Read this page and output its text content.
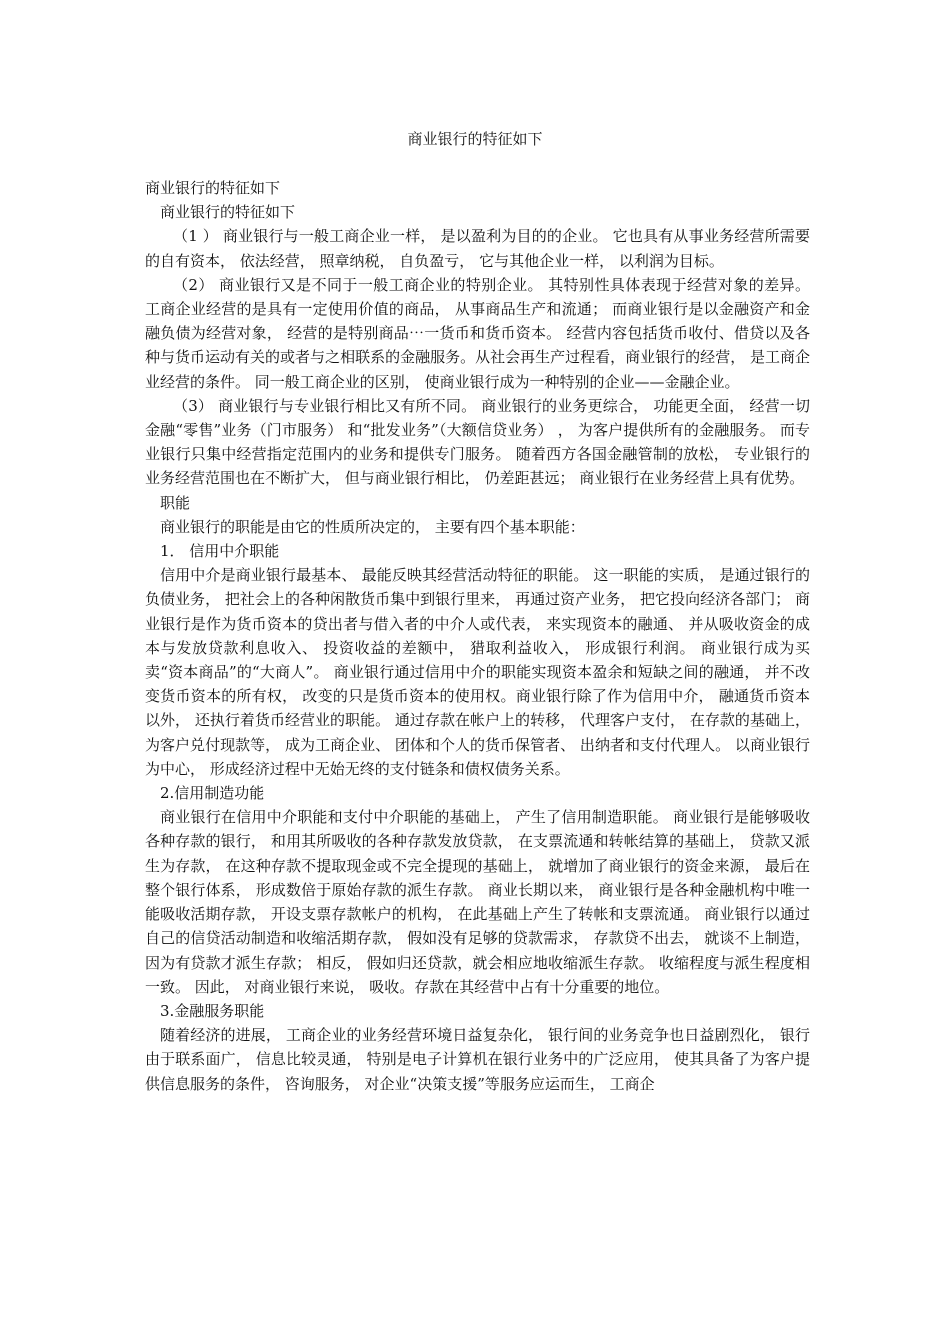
商业银行的特征如下

商业银行的特征如下

商业银行的特征如下

（1 ） 商业银行与一般工商企业一样， 是以盈利为目的的企业。 它也具有从事业务经营所需要的自有资本， 依法经营， 照章纳税， 自负盈亏， 它与其他企业一样， 以利润为目标。

（2） 商业银行又是不同于一般工商企业的特别企业。 其特别性具体表现于经营对象的差异。 工商企业经营的是具有一定使用价值的商品， 从事商品生产和流通； 而商业银行是以金融资产和金融负债为经营对象， 经营的是特别商品⋯一货币和货币资本。 经营内容包括货币收付、借贷以及各种与货币运动有关的或者与之相联系的金融服务。从社会再生产过程看，商业银行的经营， 是工商企业经营的条件。 同一般工商企业的区别， 使商业银行成为一种特别的企业——金融企业。

（3） 商业银行与专业银行相比又有所不同。 商业银行的业务更综合， 功能更全面， 经营一切金融“零售”业务（门市服务） 和“批发业务”（大额信贷业务） ， 为客户提供所有的金融服务。 而专业银行只集中经营指定范围内的业务和提供专门服务。 随着西方各国金融管制的放松， 专业银行的业务经营范围也在不断扩大， 但与商业银行相比， 仍差距甚远； 商业银行在业务经营上具有优势。

职能

商业银行的职能是由它的性质所决定的， 主要有四个基本职能：

1． 信用中介职能

信用中介是商业银行最基本、 最能反映其经营活动特征的职能。 这一职能的实质， 是通过银行的负债业务， 把社会上的各种闲散货币集中到银行里来， 再通过资产业务， 把它投向经济各部门； 商业银行是作为货币资本的贷出者与借入者的中介人或代表， 来实现资本的融通、 并从吸收资金的成本与发放贷款利息收入、 投资收益的差额中， 猎取利益收入， 形成银行利润。 商业银行成为买卖“资本商品”的“大商人”。 商业银行通过信用中介的职能实现资本盈余和短缺之间的融通， 并不改变货币资本的所有权， 改变的只是货币资本的使用权。商业银行除了作为信用中介， 融通货币资本以外， 还执行着货币经营业的职能。 通过存款在帐户上的转移， 代理客户支付， 在存款的基础上， 为客户兑付现款等， 成为工商企业、 团体和个人的货币保管者、 出纳者和支付代理人。 以商业银行为中心， 形成经济过程中无始无终的支付链条和债权债务关系。

2.信用制造功能

商业银行在信用中介职能和支付中介职能的基础上， 产生了信用制造职能。 商业银行是能够吸收各种存款的银行， 和用其所吸收的各种存款发放贷款， 在支票流通和转帐结算的基础上， 贷款又派生为存款， 在这种存款不提取现金或不完全提现的基础上， 就增加了商业银行的资金来源， 最后在整个银行体系， 形成数倍于原始存款的派生存款。 商业长期以来， 商业银行是各种金融机构中唯一能吸收活期存款， 开设支票存款帐户的机构， 在此基础上产生了转帐和支票流通。 商业银行以通过自己的信贷活动制造和收缩活期存款， 假如没有足够的贷款需求， 存款贷不出去， 就谈不上制造， 因为有贷款才派生存款； 相反， 假如归还贷款，就会相应地收缩派生存款。 收缩程度与派生程度相一致。 因此， 对商业银行来说， 吸收。存款在其经营中占有十分重要的地位。

3.金融服务职能

随着经济的进展， 工商企业的业务经营环境日益复杂化， 银行间的业务竞争也日益剧烈化， 银行由于联系面广， 信息比较灵通， 特别是电子计算机在银行业务中的广泛应用， 使其具备了为客户提供信息服务的条件， 咨询服务， 对企业“决策支援”等服务应运而生， 工商企
